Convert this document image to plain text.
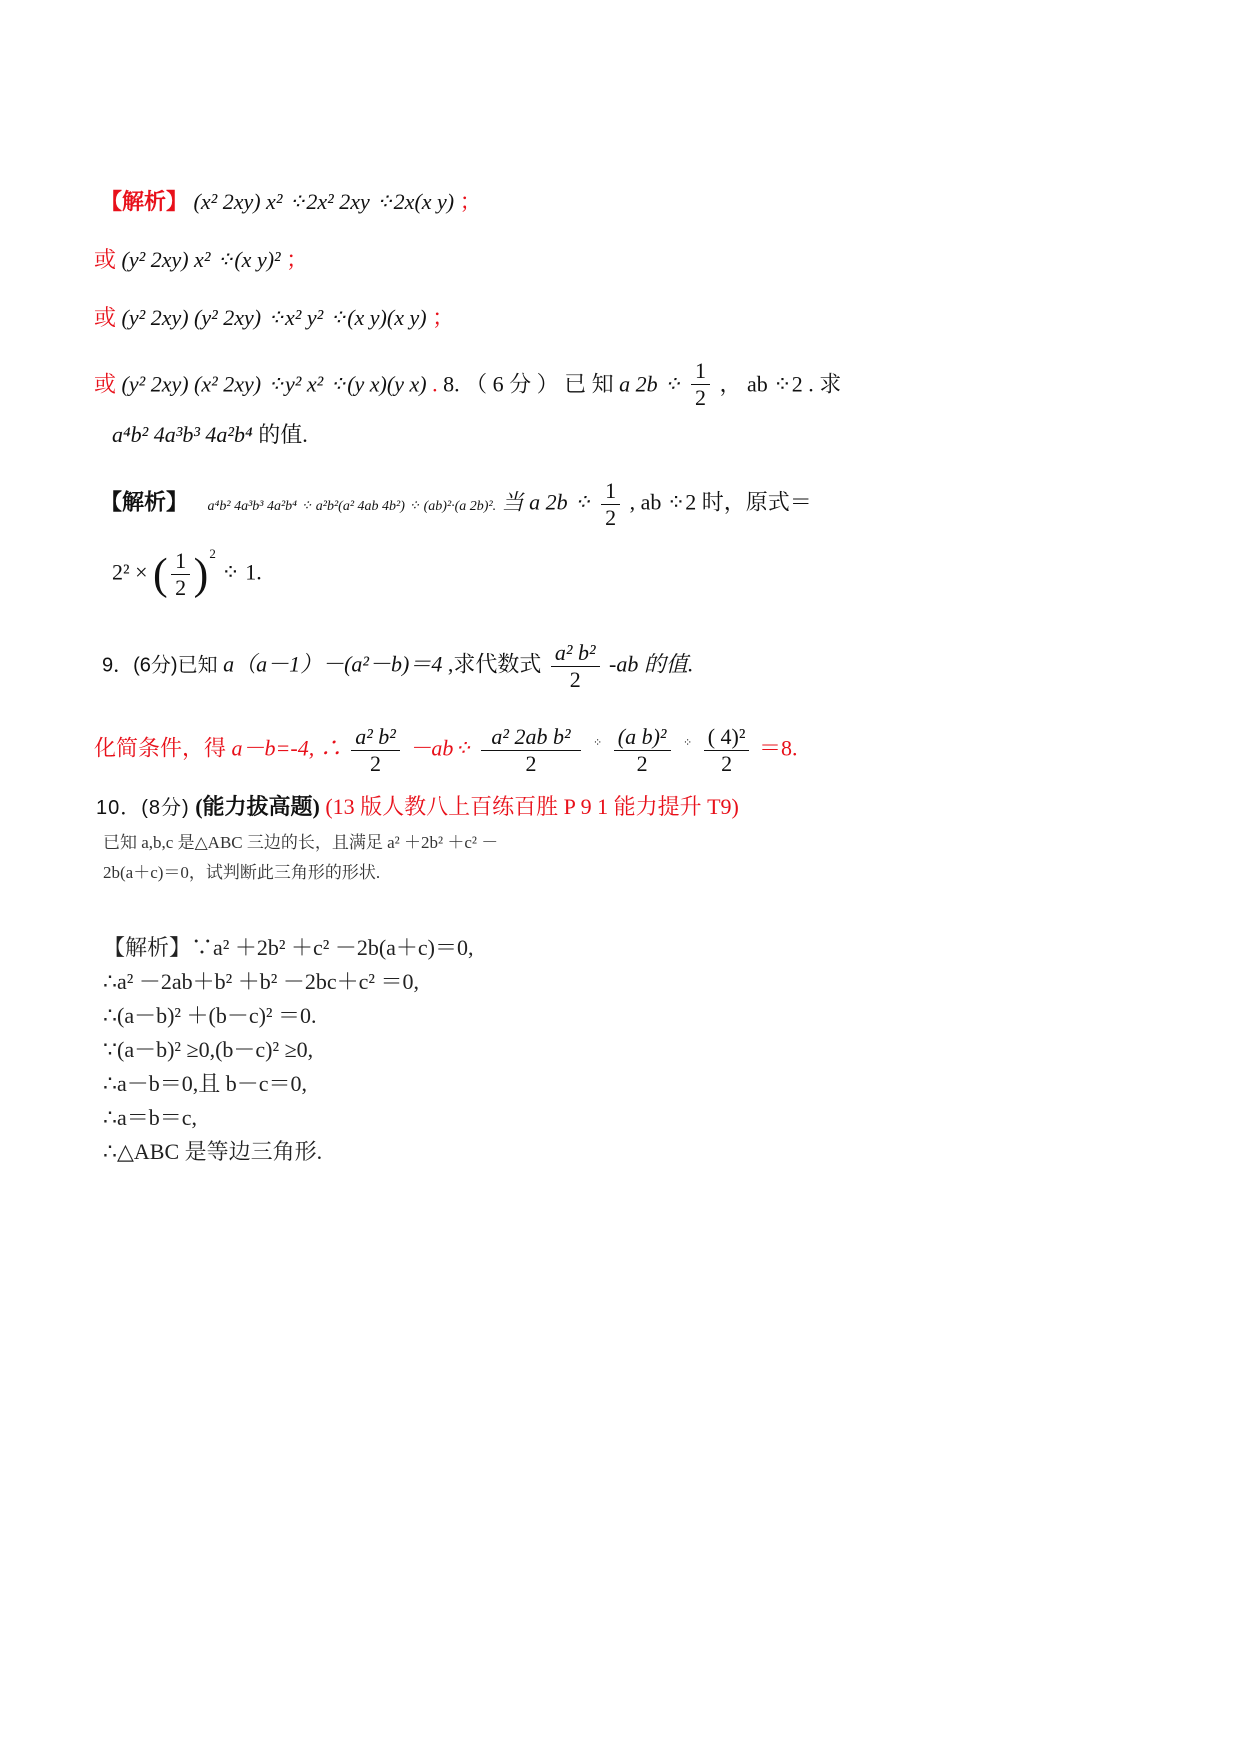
【解析】 (x² 2xy) x² ⁘2x² 2xy ⁘2x(x y) ；
或 (y² 2xy) x² ⁘(x y)² ；
或 (y² 2xy) (y² 2xy) ⁘x² y² ⁘(x y)(x y) ；
或 (y² 2xy) (x² 2xy) ⁘y² x² ⁘(y x)(y x) . 8. （ 6 分 ） 已 知 a 2b ⁘ $\frac{1}{2}$ ， ab ⁘2 . 求
a⁴b² 4a³b³ 4a²b⁴ 的值.
【解析】 a⁴b² 4a³b³ 4a²b⁴ ⁘ a²b²(a² 4ab 4b²) ⁘ (ab)²·(a 2b)². 当 a 2b ⁘ $\frac{1}{2}$ , ab ⁘2 时，原式＝
2² × ( $\frac{1}{2} )^2$ ⁘ 1.
9．(6分)已知 a（a－1）－(a²－b)＝4 ,求代数式 $\frac{\text{a² b²}}{2} -ab$ 的值.
化简条件，得 a－b=-4, ∴ $\frac{\text{a² b²}}{2}$ －ab⁘ $\frac{\text{a² 2ab b²}}{2} ^⁘ \frac{\text{(a b)²}}{2} ^⁘ \frac{\text{( 4)²}}{2} =8$.
10．(8分) (能力拔高题) (13 版人教八上百练百胜 P 9 1 能力提升 T9)
已知 a,b,c 是△ABC 三边的长，且满足 a² ＋2b² ＋c² －
2b(a＋c)＝0，试判断此三角形的形状.
【解析】∵a² ＋2b² ＋c² －2b(a＋c)＝0,
∴a² －2ab＋b² ＋b² －2bc＋c² ＝0,
∴(a－b)² ＋(b－c)² ＝0.
∵(a－b)² ≥0,(b－c)² ≥0,
∴a－b＝0,且 b－c＝0,
∴a＝b＝c,
∴△ABC 是等边三角形.
